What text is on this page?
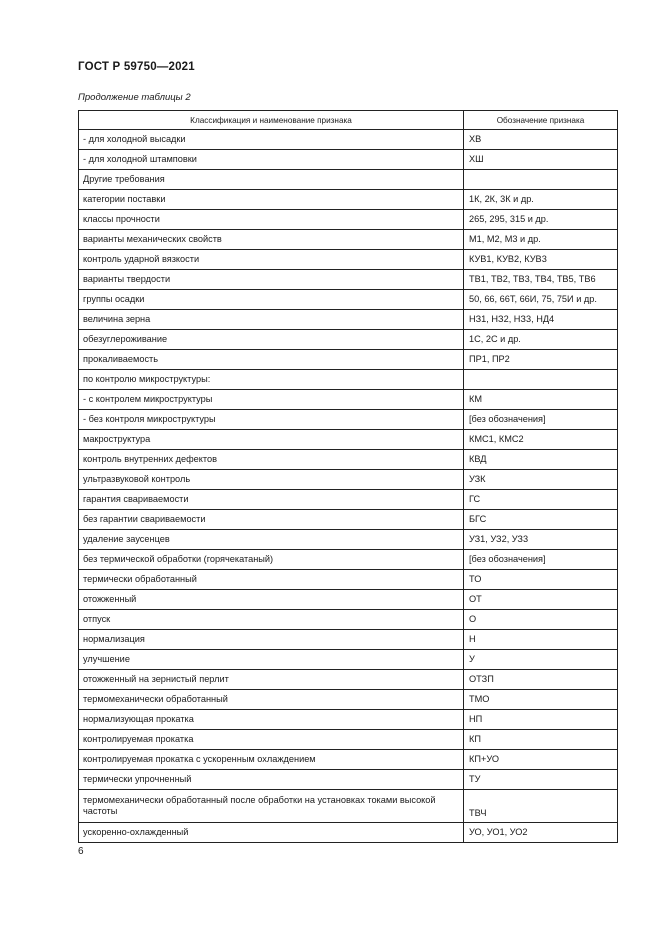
ГОСТ Р 59750—2021
Продолжение таблицы 2
Классификация и наименование признака	Обозначение признака
- для холодной высадки	ХВ
- для холодной штамповки	ХШ
Другие требования	
категории поставки	1К, 2К, 3К и др.
классы прочности	265, 295, 315 и др.
варианты механических свойств	М1, М2, М3 и др.
контроль ударной вязкости	КУВ1, КУВ2, КУВ3
варианты твердости	ТВ1, ТВ2, ТВ3, ТВ4, ТВ5, ТВ6
группы осадки	50, 66, 66Т, 66И, 75, 75И и др.
величина зерна	НЗ1, НЗ2, НЗ3, НД4
обезуглероживание	1С, 2С и др.
прокаливаемость	ПР1, ПР2
по контролю микроструктуры:	
- с контролем микроструктуры	КМ
- без контроля микроструктуры	[без обозначения]
макроструктура	КМС1, КМС2
контроль внутренних дефектов	КВД
ультразвуковой контроль	УЗК
гарантия свариваемости	ГС
без гарантии свариваемости	БГС
удаление заусенцев	УЗ1, УЗ2, УЗ3
без термической обработки (горячекатаный)	[без обозначения]
термически обработанный	ТО
отожженный	ОТ
отпуск	О
нормализация	Н
улучшение	У
отожженный на зернистый перлит	ОТЗП
термомеханически обработанный	ТМО
нормализующая прокатка	НП
контролируемая прокатка	КП
контролируемая прокатка с ускоренным охлаждением	КП+УО
термически упрочненный	ТУ
термомеханически обработанный после обработки на установках токами высокой частоты	ТВЧ
ускоренно-охлажденный	УО, УО1, УО2
6
